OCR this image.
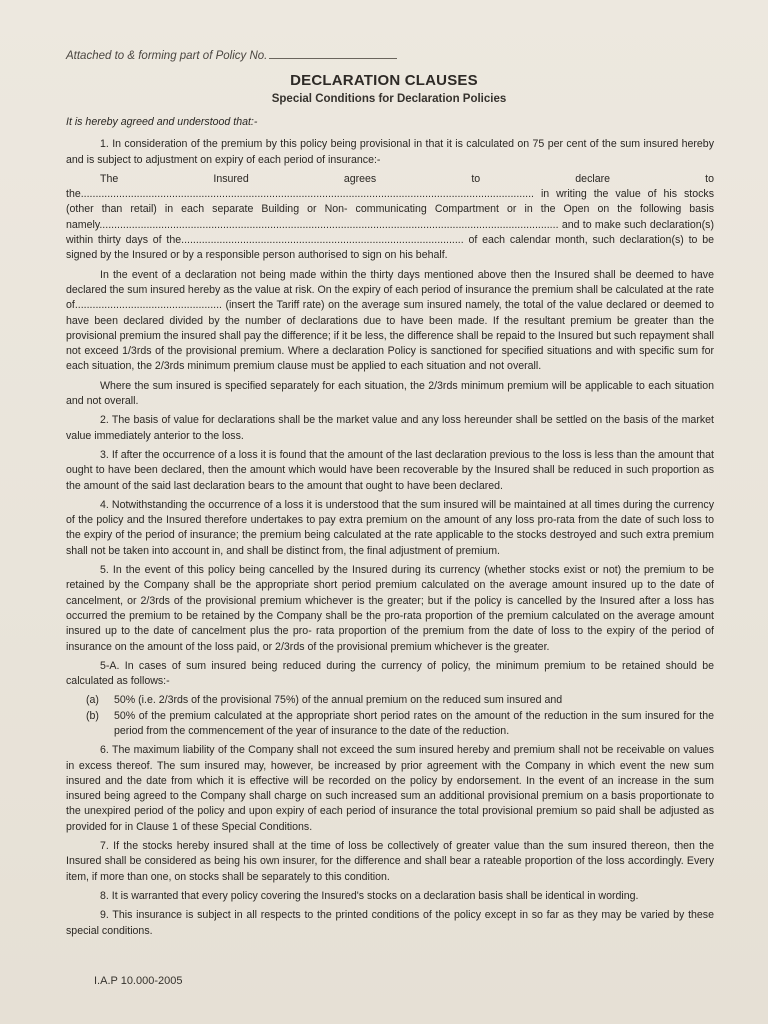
Attached to & forming part of Policy No.
DECLARATION CLAUSES
Special Conditions for Declaration Policies

It is hereby agreed and understood that:-

1. In consideration of the premium by this policy being provisional in that it is calculated on 75 per cent of the sum insured hereby and is subject to adjustment on expiry of each period of insurance:-

The Insured agrees to declare to the.......................................................................................................................................................... in writing the value of his stocks (other than retail) in each separate Building or Non- communicating Compartment or in the Open on the following basis namely............................................................................................................................................................ and to make such declaration(s) within thirty days of the................................................................................................ of each calendar month, such declaration(s) to be signed by the Insured or by a responsible person authorised to sign on his behalf.

In the event of a declaration not being made within the thirty days mentioned above then the Insured shall be deemed to have declared the sum insured hereby as the value at risk. On the expiry of each period of insurance the premium shall be calculated at the rate of.................................................. (insert the Tariff rate) on the average sum insured namely, the total of the value declared or deemed to have been declared divided by the number of declarations due to have been made. If the resultant premium be greater than the provisional premium the insured shall pay the difference; if it be less, the difference shall be repaid to the Insured but such repayment shall not exceed 1/3rds of the provisional premium. Where a declaration Policy is sanctioned for specified situations and with specific sum for each situation, the 2/3rds minimum premium clause must be applied to each situation and not overall.

Where the sum insured is specified separately for each situation, the 2/3rds minimum premium will be applicable to each situation and not overall.

2. The basis of value for declarations shall be the market value and any loss hereunder shall be settled on the basis of the market value immediately anterior to the loss.

3. If after the occurrence of a loss it is found that the amount of the last declaration previous to the loss is less than the amount that ought to have been declared, then the amount which would have been recoverable by the Insured shall be reduced in such proportion as the amount of the said last declaration bears to the amount that ought to have been declared.

4. Notwithstanding the occurrence of a loss it is understood that the sum insured will be maintained at all times during the currency of the policy and the Insured therefore undertakes to pay extra premium on the amount of any loss pro-rata from the date of such loss to the expiry of the period of insurance; the premium being calculated at the rate applicable to the stocks destroyed and such extra premium shall not be taken into account in, and shall be distinct from, the final adjustment of premium.

5. In the event of this policy being cancelled by the Insured during its currency (whether stocks exist or not) the premium to be retained by the Company shall be the appropriate short period premium calculated on the average amount insured up to the date of cancelment, or 2/3rds of the provisional premium whichever is the greater; but if the policy is cancelled by the Insured after a loss has occurred the premium to be retained by the Company shall be the pro-rata proportion of the premium calculated on the average amount insured up to the date of cancelment plus the pro- rata proportion of the premium from the date of loss to the expiry of the period of insurance on the amount of the loss paid, or 2/3rds of the provisional premium whichever is the greater.

5-A. In cases of sum insured being reduced during the currency of policy, the minimum premium to be retained should be calculated as follows:-

(a)	50% (i.e. 2/3rds of the provisional 75%) of the annual premium on the reduced sum insured and
(b)	50% of the premium calculated at the appropriate short period rates on the amount of the reduction in the sum insured for the period from the commencement of the year of insurance to the date of the reduction.

6. The maximum liability of the Company shall not exceed the sum insured hereby and premium shall not be receivable on values in excess thereof. The sum insured may, however, be increased by prior agreement with the Company in which event the new sum insured and the date from which it is effective will be recorded on the policy by endorsement. In the event of an increase in the sum insured being agreed to the Company shall charge on such increased sum an additional provisional premium on a basis proportionate to the unexpired period of the policy and upon expiry of each period of insurance the total provisional premium so paid shall be adjusted as provided for in Clause 1 of these Special Conditions.

7. If the stocks hereby insured shall at the time of loss be collectively of greater value than the sum insured thereon, then the Insured shall be considered as being his own insurer, for the difference and shall bear a rateable proportion of the loss accordingly. Every item, if more than one, on stocks shall be separately to this condition.

8. It is warranted that every policy covering the Insured's stocks on a declaration basis shall be identical in wording.

9. This insurance is subject in all respects to the printed conditions of the policy except in so far as they may be varied by these special conditions.

I.A.P 10.000-2005
